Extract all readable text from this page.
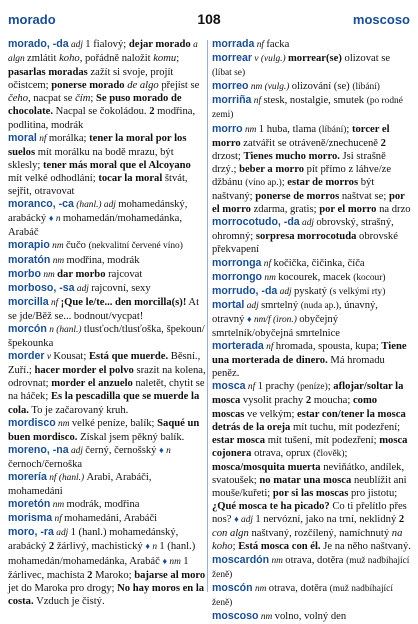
morado	108	moscoso
morado, -da adj 1 fialový; dejar morado a algn zmlátit koho, pořádně naložit komu; pasarlas moradas zažít si svoje, projít očistcem; ponerse morado de algo přejíst se čeho, nacpat se čím; Se puso morado de chocolate. Nacpal se čokoládou. 2 modřina, podlitina, modrák
moral nf morálka; tener la moral por los suelos mít morálku na bodě mrazu, být sklesly; tener más moral que el Alcoyano mít velké odhodlání; tocar la moral štvát, sejřit, otravovat
moranco, -ca (hanl.) adj mohamedánský, arabácký ♦ n mohamedán/mohamedánka, Arabáč
morapio nm čučo (nekvalitní červené víno)
moratón nm modřina, modrák
morbo nm dar morbo rajcovat
morboso, -sa adj rajcovní, sexy
morcilla nf ¡Que le/te... den morcilla(s)! At se jde/Běž se... bodnout/vycpat!
morcón n (hanl.) tlusťoch/tlusťoška, špekoun/špekounka
morder v Kousat; Está que muerde. Běsní., Zuří.; hacer morder el polvo srazit na kolena, odrovnat; morder el anzuelo naletět, chytit se na háček; Es la pescadilla que se muerde la cola. To je začarovaný kruh.
mordisco nm velké peníze, balík; Saqué un buen mordisco. Získal jsem pěkný balík.
moreno, -na adj černý, černošský ♦ n černoch/černoška
morería nf (hanl.) Arabi, Arabáči, mohamedáni
moretón nm modrák, modřina
morisma nf mohamedáni, Arabáči
moro, -ra adj 1 (hanl.) mohamedánský, arabácký 2 žárlivý, machistický ♦ n 1 (hanl.) mohamedán/mohamedánka, Arabáč ♦ nm 1 žárlivec, machista 2 Maroko; bajarse al moro jet do Maroka pro drogy; No hay moros en la costa. Vzduch je čistý.
morrada nf facka
morrear v (vulg.) morrear(se) olizovat se (líbat se)
morreo nm (vulg.) olizování (se) (líbání)
morriña nf stesk, nostalgie, smutek (po rodné zemi)
morro nm 1 huba, tlama (líbání); torcer el morro zatvářit se otráveně/znechuceně 2 drzost; Tienes mucho morro. Jsi strašně drzý.; beber a morro pít přímo z láhve/ze džbánu (víno ap.); estar de morros být naštvaný; ponerse de morros naštvat se; por el morro zdarma, gratis; por el morro na drzo
morrocotudo, -da adj obrovský, strašný, ohromný; sorpresa morrocotuda obrovské překvapení
morronga nf kočička, čičinka, číča
morrongo nm kocourek, macek (kocour)
morrudo, -da adj pyskatý (s velkými rty)
mortal adj smrtelný (nuda ap.), únavný, otravný ♦ nm/f (iron.) obyčejný smrtelník/obyčejná smrtelnice
morterada nf hromada, spousta, kupa; Tiene una morterada de dinero. Má hromadu peněz.
mosca nf 1 prachy (peníze); aflojar/soltar la mosca vysolit prachy 2 moucha; como moscas ve velkým; estar con/tener la mosca detrás de la oreja mít tuchu, mít podezření; estar mosca mít tušení, mít podezření; mosca cojonera otrava, oprux (člověk); mosca/mosquita muerta neviňátko, andílek, svatoušek; no matar una mosca neublížit ani mouše/kuřeti; por si las moscas pro jistotu; ¿Qué mosca te ha picado? Co ti přelítlo přes nos? ♦ adj 1 nervózní, jako na trní, neklidný 2 con algn naštvaný, rozčílený, namíchnutý na koho; Está mosca con él. Je na něho naštvaný.
moscardón nm otrava, dotěra (muž nadbíhající ženě)
moscón nm otrava, dotěra (muž nadbíhající ženě)
moscoso nm volno, volný den
